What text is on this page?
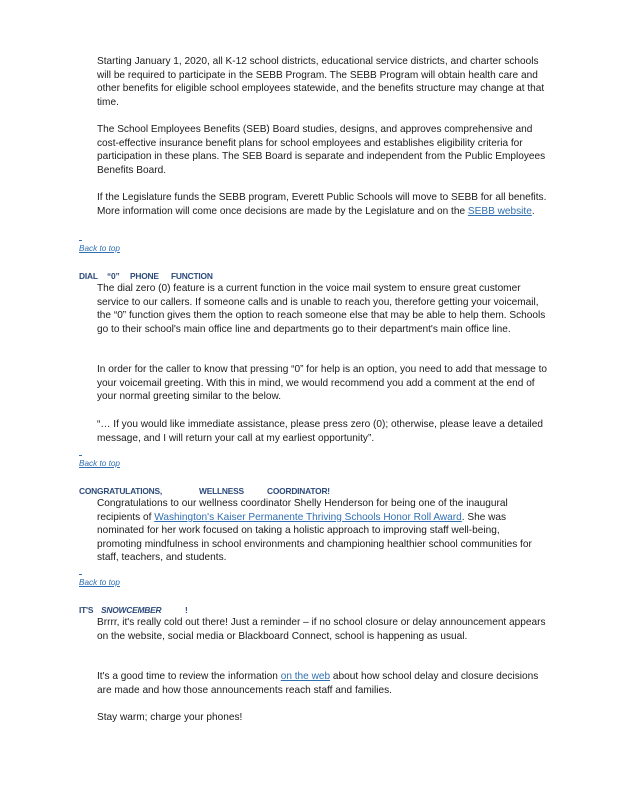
Starting January 1, 2020, all K-12 school districts, educational service districts, and charter schools will be required to participate in the SEBB Program. The SEBB Program will obtain health care and other benefits for eligible school employees statewide, and the benefits structure may change at that time.

The School Employees Benefits (SEB) Board studies, designs, and approves comprehensive and cost-effective insurance benefit plans for school employees and establishes eligibility criteria for participation in these plans. The SEB Board is separate and independent from the Public Employees Benefits Board.

If the Legislature funds the SEBB program, Everett Public Schools will move to SEBB for all benefits. More information will come once decisions are made by the Legislature and on the SEBB website.

Back to top
DIAL “0” PHONE FUNCTION

The dial zero (0) feature is a current function in the voice mail system to ensure great customer service to our callers. If someone calls and is unable to reach you, therefore getting your voicemail, the “0” function gives them the option to reach someone else that may be able to help them. Schools go to their school's main office line and departments go to their department's main office line.

In order for the caller to know that pressing “0” for help is an option, you need to add that message to your voicemail greeting. With this in mind, we would recommend you add a comment at the end of your normal greeting similar to the below.

“… If you would like immediate assistance, please press zero (0); otherwise, please leave a detailed message, and I will return your call at my earliest opportunity”.

Back to top
CONGRATULATIONS,	WELLNESS	COORDINATOR!

Congratulations to our wellness coordinator Shelly Henderson for being one of the inaugural recipients of Washington's Kaiser Permanente Thriving Schools Honor Roll Award. She was nominated for her work focused on taking a holistic approach to improving staff well-being, promoting mindfulness in school environments and championing healthier school communities for staff, teachers, and students.

Back to top
IT'S SNOWCEMBER	!

Brrrr, it's really cold out there! Just a reminder – if no school closure or delay announcement appears on the website, social media or Blackboard Connect, school is happening as usual.

It's a good time to review the information on the web about how school delay and closure decisions are made and how those announcements reach staff and families.

Stay warm; charge your phones!
